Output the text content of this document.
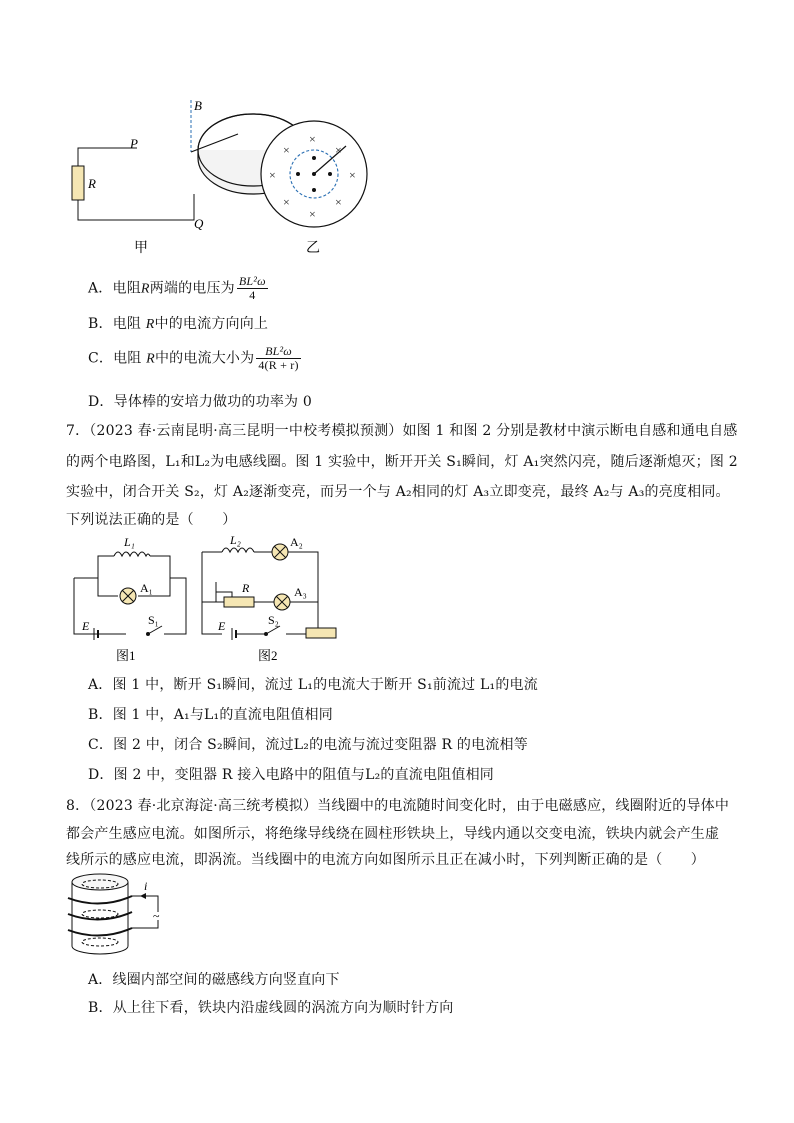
R
P
Q
B
甲
×
×	×
×	×
×	×
×
乙
A．电阻R两端的电压为 $\frac{\text{BL²ω}}{4}$
B．电阻 R中的电流方向向上
C．电阻 R中的电流大小为 $\frac{\text{BL²ω}}{4(R + r)}$
D．导体棒的安培力做功的功率为 0
7．（2023 春·云南昆明·高三昆明一中校考模拟预测）如图 1 和图 2 分别是教材中演示断电自感和通电自感
的两个电路图，L₁和L₂为电感线圈。图 1 实验中，断开开关 S₁瞬间，灯 A₁突然闪亮，随后逐渐熄灭；图 2
实验中，闭合开关 S₂，灯 A₂逐渐变亮，而另一个与 A₂相同的灯 A₃立即变亮，最终 A₂与 A₃的亮度相同。
下列说法正确的是（　　）
L₁
A₁
E	S₁
图1
L₂	A₂
R	A₃
E	S₂
图2
A．图 1 中，断开 S₁瞬间，流过 L₁的电流大于断开 S₁前流过 L₁的电流
B．图 1 中，A₁与L₁的直流电阻值相同
C．图 2 中，闭合 S₂瞬间，流过L₂的电流与流过变阻器 R 的电流相等
D．图 2 中，变阻器 R 接入电路中的阻值与L₂的直流电阻值相同
8．（2023 春·北京海淀·高三统考模拟）当线圈中的电流随时间变化时，由于电磁感应，线圈附近的导体中
都会产生感应电流。如图所示，将绝缘导线绕在圆柱形铁块上，导线内通以交变电流，铁块内就会产生虚
线所示的感应电流，即涡流。当线圈中的电流方向如图所示且正在减小时，下列判断正确的是（　　）
i
~
A．线圈内部空间的磁感线方向竖直向下
B．从上往下看，铁块内沿虚线圆的涡流方向为顺时针方向
